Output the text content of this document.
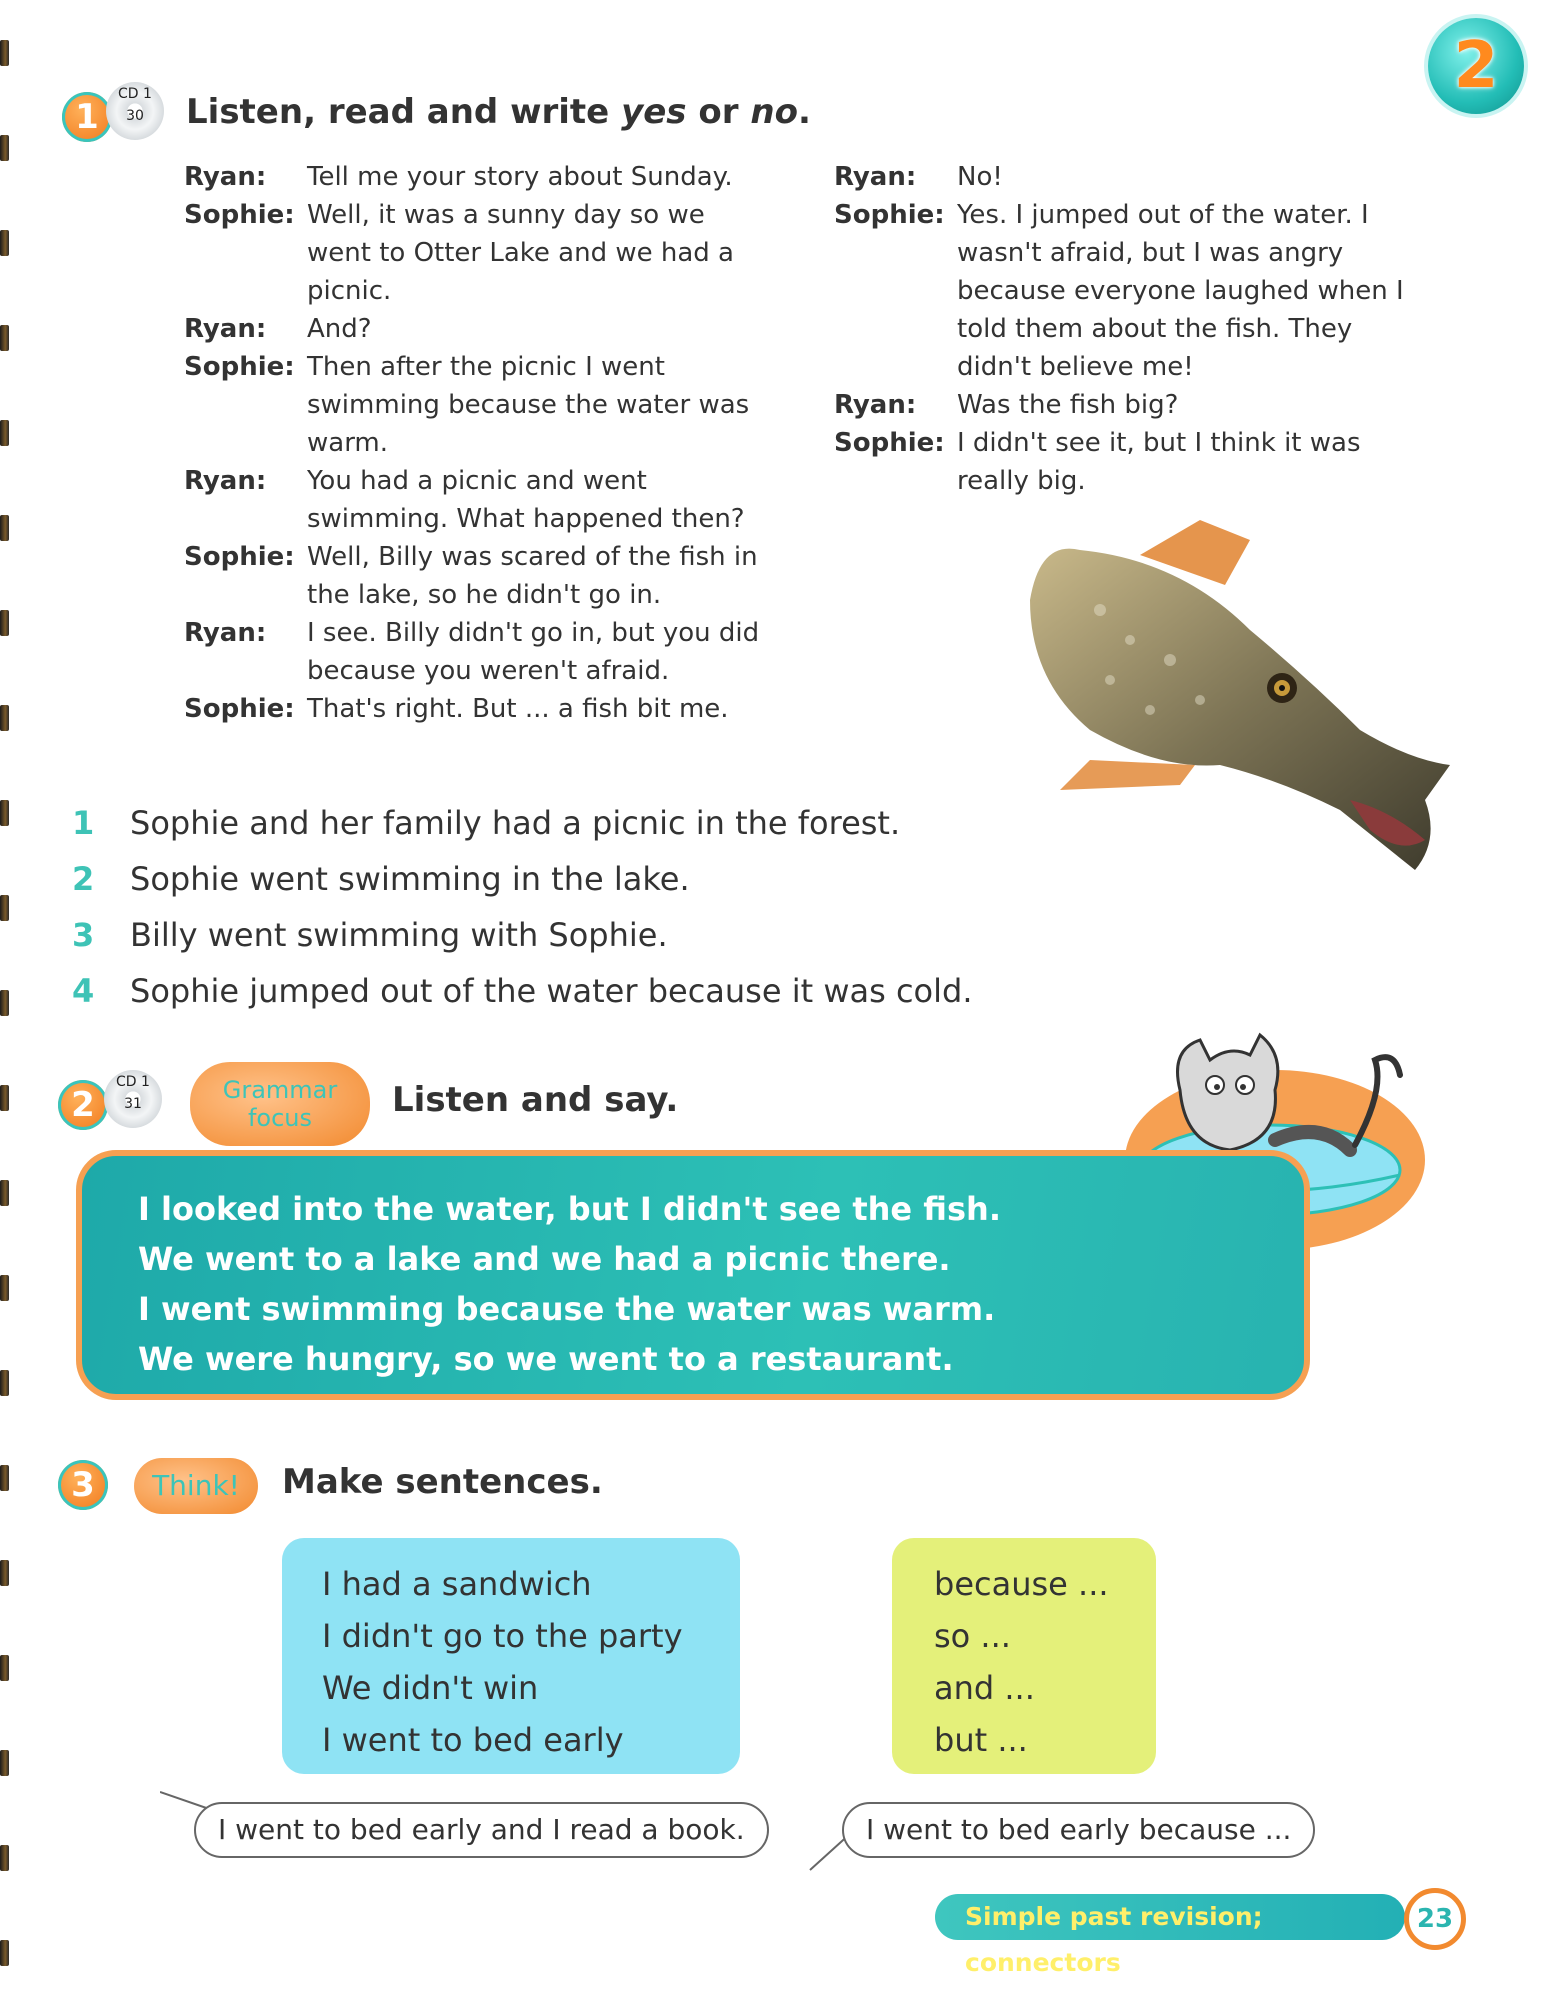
2
1
CD 1
30	Listen, read and write yes or no.
Ryan:	Tell me your story about Sunday.
Sophie: Well, it was a sunny day so we went to Otter Lake and we had a picnic.
Ryan:	And?
Sophie: Then after the picnic I went swimming because the water was warm.
Ryan:	You had a picnic and went swimming. What happened then?
Sophie: Well, Billy was scared of the fish in the lake, so he didn't go in.
Ryan:	I see. Billy didn't go in, but you did because you weren't afraid.
Sophie: That's right. But ... a fish bit me.
Ryan:	No!
Sophie: Yes. I jumped out of the water. I wasn't afraid, but I was angry because everyone laughed when I told them about the fish. They didn't believe me!
Ryan:	Was the fish big?
Sophie: I didn't see it, but I think it was really big.
1	Sophie and her family had a picnic in the forest.
2	Sophie went swimming in the lake.
3	Billy went swimming with Sophie.
4	Sophie jumped out of the water because it was cold.
2
CD 1
31	Grammar
focus	Listen and say.
I looked into the water, but I didn't see the fish.
We went to a lake and we had a picnic there.
I went swimming because the water was warm.
We were hungry, so we went to a restaurant.
3	Think!	Make sentences.
I had a sandwich
I didn't go to the party
We didn't win
I went to bed early
because ...
so ...
and ...
but ...
I went to bed early and I read a book.	I went to bed early because ...
Simple past revision; connectors
23
